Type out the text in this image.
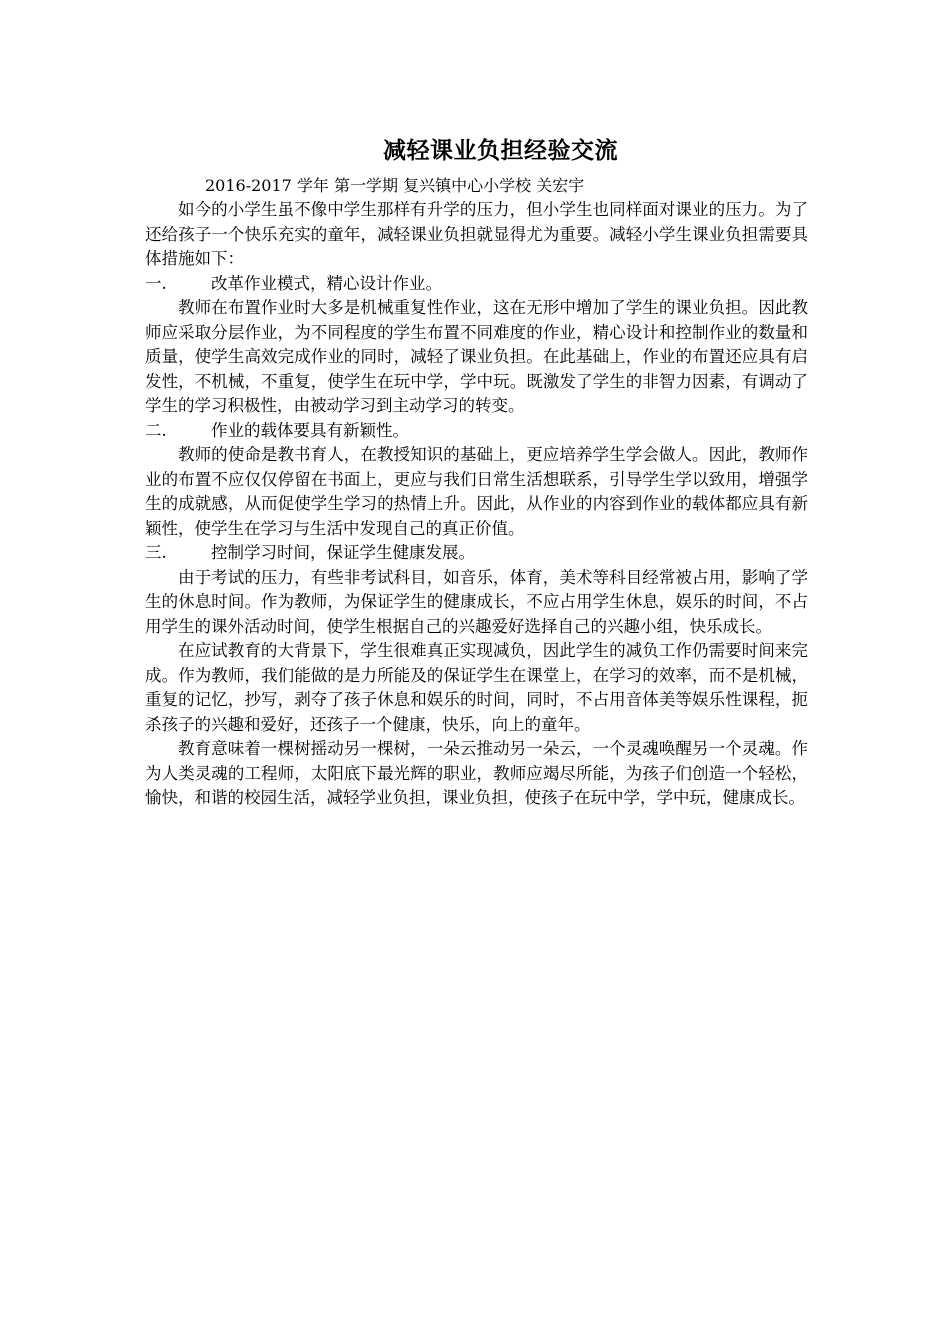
减轻课业负担经验交流

2016-2017 学年 第一学期 复兴镇中心小学校 关宏宇

如今的小学生虽不像中学生那样有升学的压力，但小学生也同样面对课业的压力。为了还给孩子一个快乐充实的童年，减轻课业负担就显得尤为重要。减轻小学生课业负担需要具体措施如下：

一.	改革作业模式，精心设计作业。

教师在布置作业时大多是机械重复性作业，这在无形中增加了学生的课业负担。因此教师应采取分层作业，为不同程度的学生布置不同难度的作业，精心设计和控制作业的数量和质量，使学生高效完成作业的同时，减轻了课业负担。在此基础上，作业的布置还应具有启发性，不机械，不重复，使学生在玩中学，学中玩。既激发了学生的非智力因素，有调动了学生的学习积极性，由被动学习到主动学习的转变。

二.	作业的载体要具有新颖性。

教师的使命是教书育人，在教授知识的基础上，更应培养学生学会做人。因此，教师作业的布置不应仅仅停留在书面上，更应与我们日常生活想联系，引导学生学以致用，增强学生的成就感，从而促使学生学习的热情上升。因此，从作业的内容到作业的载体都应具有新颖性，使学生在学习与生活中发现自己的真正价值。

三.	控制学习时间，保证学生健康发展。

由于考试的压力，有些非考试科目，如音乐，体育，美术等科目经常被占用，影响了学生的休息时间。作为教师，为保证学生的健康成长，不应占用学生休息，娱乐的时间，不占用学生的课外活动时间，使学生根据自己的兴趣爱好选择自己的兴趣小组，快乐成长。

在应试教育的大背景下，学生很难真正实现减负，因此学生的减负工作仍需要时间来完成。作为教师，我们能做的是力所能及的保证学生在课堂上，在学习的效率，而不是机械，重复的记忆，抄写，剥夺了孩子休息和娱乐的时间，同时，不占用音体美等娱乐性课程，扼杀孩子的兴趣和爱好，还孩子一个健康，快乐，向上的童年。

教育意味着一棵树摇动另一棵树，一朵云推动另一朵云，一个灵魂唤醒另一个灵魂。作为人类灵魂的工程师，太阳底下最光辉的职业，教师应竭尽所能，为孩子们创造一个轻松，愉快，和谐的校园生活，减轻学业负担，课业负担，使孩子在玩中学，学中玩，健康成长。
